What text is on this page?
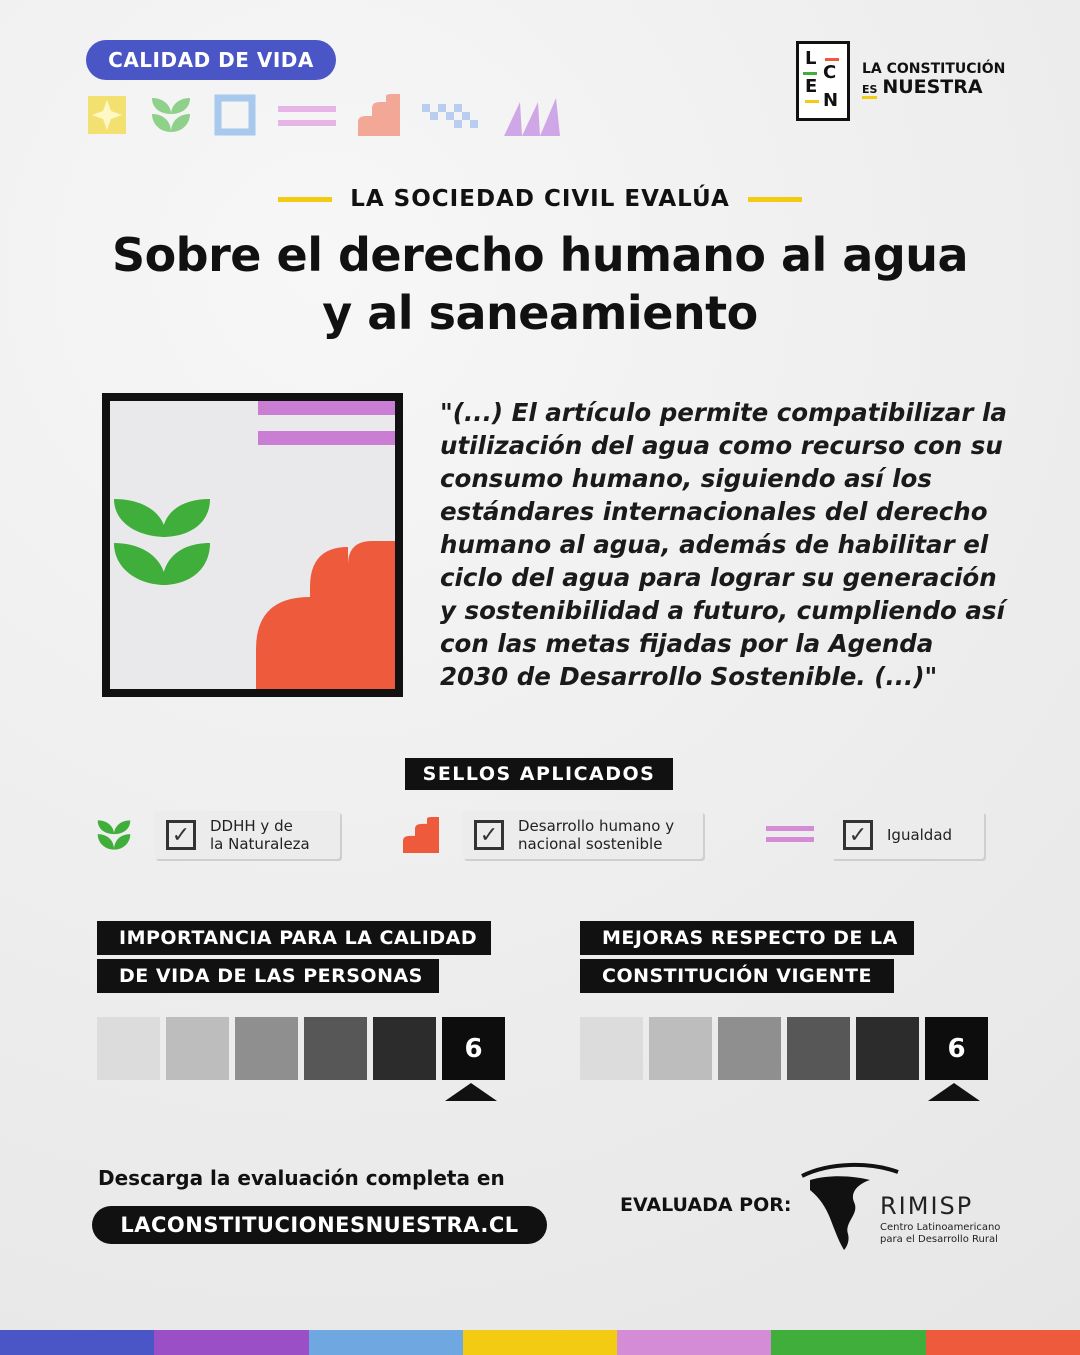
CALIDAD DE VIDA	L
C
E
N
LA CONSTITUCIÓN
ES NUESTRA
LA SOCIEDAD CIVIL EVALÚA
Sobre el derecho humano al agua
y al saneamiento
"(...) El artículo permite compatibilizar la utilización del agua como recurso con su consumo humano, siguiendo así los estándares internacionales del derecho humano al agua, además de habilitar el ciclo del agua para lograr su generación y sostenibilidad a futuro, cumpliendo así con las metas fijadas por la Agenda 2030 de Desarrollo Sostenible. (...)"
SELLOS APLICADOS
✓	DDHH y de
la Naturaleza	✓	Desarrollo humano y
nacional sostenible	✓	Igualdad
IMPORTANCIA PARA LA CALIDAD
DE VIDA DE LAS PERSONAS
6
MEJORAS RESPECTO DE LA
CONSTITUCIÓN VIGENTE
6
Descarga la evaluación completa en
LACONSTITUCIONESNUESTRA.CL
EVALUADA POR:	RIMISP
Centro Latinoamericano
para el Desarrollo Rural
